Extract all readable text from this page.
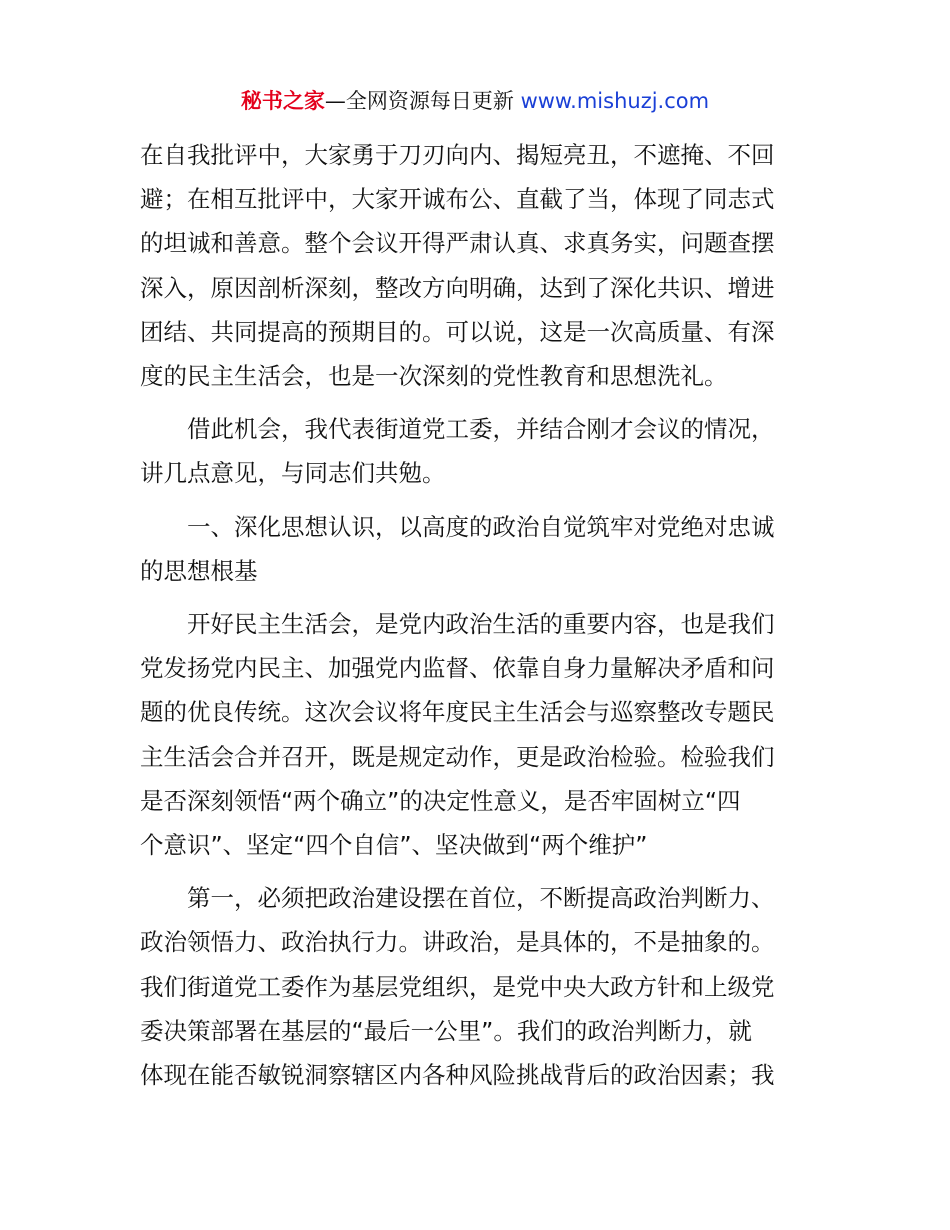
秘书之家—全网资源每日更新 www.mishuzj.com

在自我批评中，大家勇于刀刃向内、揭短亮丑，不遮掩、不回
避；在相互批评中，大家开诚布公、直截了当，体现了同志式
的坦诚和善意。整个会议开得严肃认真、求真务实，问题查摆
深入，原因剖析深刻，整改方向明确，达到了深化共识、增进
团结、共同提高的预期目的。可以说，这是一次高质量、有深
度的民主生活会，也是一次深刻的党性教育和思想洗礼。

借此机会，我代表街道党工委，并结合刚才会议的情况，
讲几点意见，与同志们共勉。

一、深化思想认识，以高度的政治自觉筑牢对党绝对忠诚
的思想根基

开好民主生活会，是党内政治生活的重要内容，也是我们
党发扬党内民主、加强党内监督、依靠自身力量解决矛盾和问
题的优良传统。这次会议将年度民主生活会与巡察整改专题民
主生活会合并召开，既是规定动作，更是政治检验。检验我们
是否深刻领悟“两个确立”的决定性意义，是否牢固树立“四
个意识”、坚定“四个自信”、坚决做到“两个维护”

第一，必须把政治建设摆在首位，不断提高政治判断力、
政治领悟力、政治执行力。讲政治，是具体的，不是抽象的。
我们街道党工委作为基层党组织，是党中央大政方针和上级党
委决策部署在基层的“最后一公里”。我们的政治判断力，就
体现在能否敏锐洞察辖区内各种风险挑战背后的政治因素；我
